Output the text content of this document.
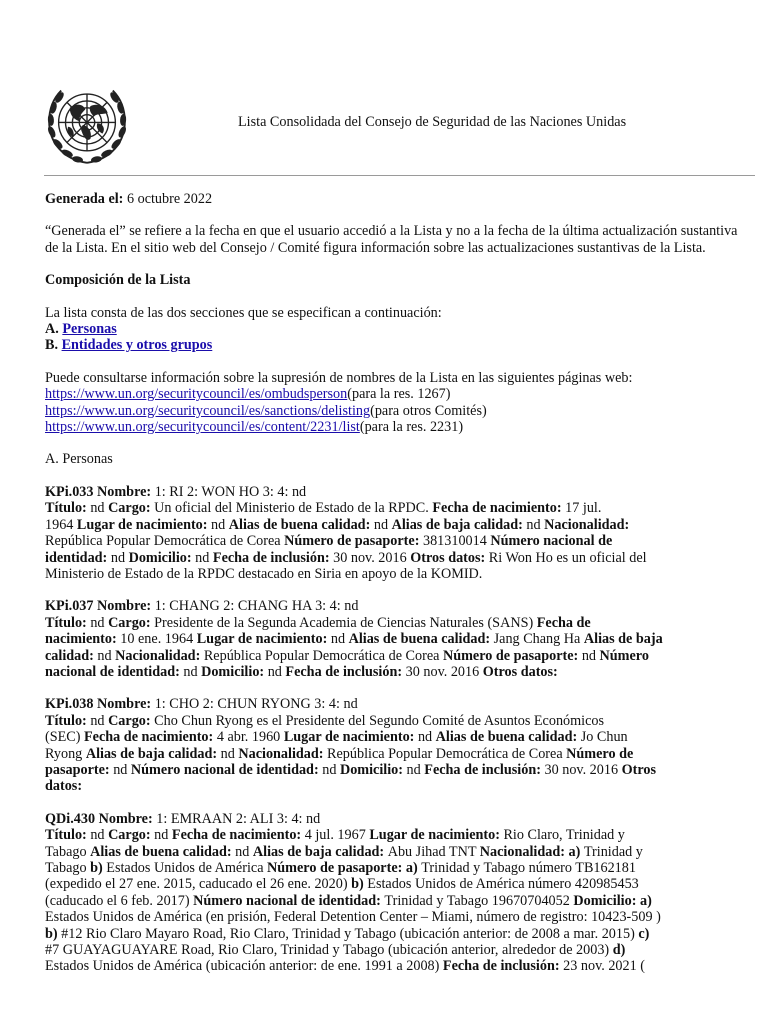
Lista Consolidada del Consejo de Seguridad de las Naciones Unidas

Generada el: 6 octubre 2022

“Generada el” se refiere a la fecha en que el usuario accedió a la Lista y no a la fecha de la última actualización sustantiva de la Lista. En el sitio web del Consejo / Comité figura información sobre las actualizaciones sustantivas de la Lista.

Composición de la Lista

La lista consta de las dos secciones que se especifican a continuación:

A. Personas

B. Entidades y otros grupos

Puede consultarse información sobre la supresión de nombres de la Lista en las siguientes páginas web:

https://www.un.org/securitycouncil/es/ombudsperson(para la res. 1267)

https://www.un.org/securitycouncil/es/sanctions/delisting(para otros Comités)

https://www.un.org/securitycouncil/es/content/2231/list(para la res. 2231)

A. Personas

KPi.033 Nombre: 1: RI 2: WON HO 3: 4: nd
Título: nd Cargo: Un oficial del Ministerio de Estado de la RPDC. Fecha de nacimiento: 17 jul.
1964 Lugar de nacimiento: nd Alias de buena calidad: nd Alias de baja calidad: nd Nacionalidad:
República Popular Democrática de Corea Número de pasaporte: 381310014 Número nacional de
identidad: nd Domicilio: nd Fecha de inclusión: 30 nov. 2016 Otros datos: Ri Won Ho es un oficial del
Ministerio de Estado de la RPDC destacado en Siria en apoyo de la KOMID.
KPi.037 Nombre: 1: CHANG 2: CHANG HA 3: 4: nd
Título: nd Cargo: Presidente de la Segunda Academia de Ciencias Naturales (SANS) Fecha de
nacimiento: 10 ene. 1964 Lugar de nacimiento: nd Alias de buena calidad: Jang Chang Ha Alias de baja
calidad: nd Nacionalidad: República Popular Democrática de Corea Número de pasaporte: nd Número
nacional de identidad: nd Domicilio: nd Fecha de inclusión: 30 nov. 2016 Otros datos:
KPi.038 Nombre: 1: CHO 2: CHUN RYONG 3: 4: nd
Título: nd Cargo: Cho Chun Ryong es el Presidente del Segundo Comité de Asuntos Económicos
(SEC) Fecha de nacimiento: 4 abr. 1960 Lugar de nacimiento: nd Alias de buena calidad: Jo Chun
Ryong Alias de baja calidad: nd Nacionalidad: República Popular Democrática de Corea Número de
pasaporte: nd Número nacional de identidad: nd Domicilio: nd Fecha de inclusión: 30 nov. 2016 Otros
datos:
QDi.430 Nombre: 1: EMRAAN 2: ALI 3: 4: nd
Título: nd Cargo: nd Fecha de nacimiento: 4 jul. 1967 Lugar de nacimiento: Rio Claro, Trinidad y
Tabago Alias de buena calidad: nd Alias de baja calidad: Abu Jihad TNT Nacionalidad: a) Trinidad y
Tabago b) Estados Unidos de América Número de pasaporte: a) Trinidad y Tabago número TB162181
(expedido el 27 ene. 2015, caducado el 26 ene. 2020) b) Estados Unidos de América número 420985453
(caducado el 6 feb. 2017) Número nacional de identidad: Trinidad y Tabago 19670704052 Domicilio: a)
Estados Unidos de América (en prisión, Federal Detention Center – Miami, número de registro: 10423-509 )
b) #12 Rio Claro Mayaro Road, Rio Claro, Trinidad y Tabago (ubicación anterior: de 2008 a mar. 2015) c)
#7 GUAYAGUAYARE Road, Rio Claro, Trinidad y Tabago (ubicación anterior, alrededor de 2003) d)
Estados Unidos de América (ubicación anterior: de ene. 1991 a 2008) Fecha de inclusión: 23 nov. 2021 (
